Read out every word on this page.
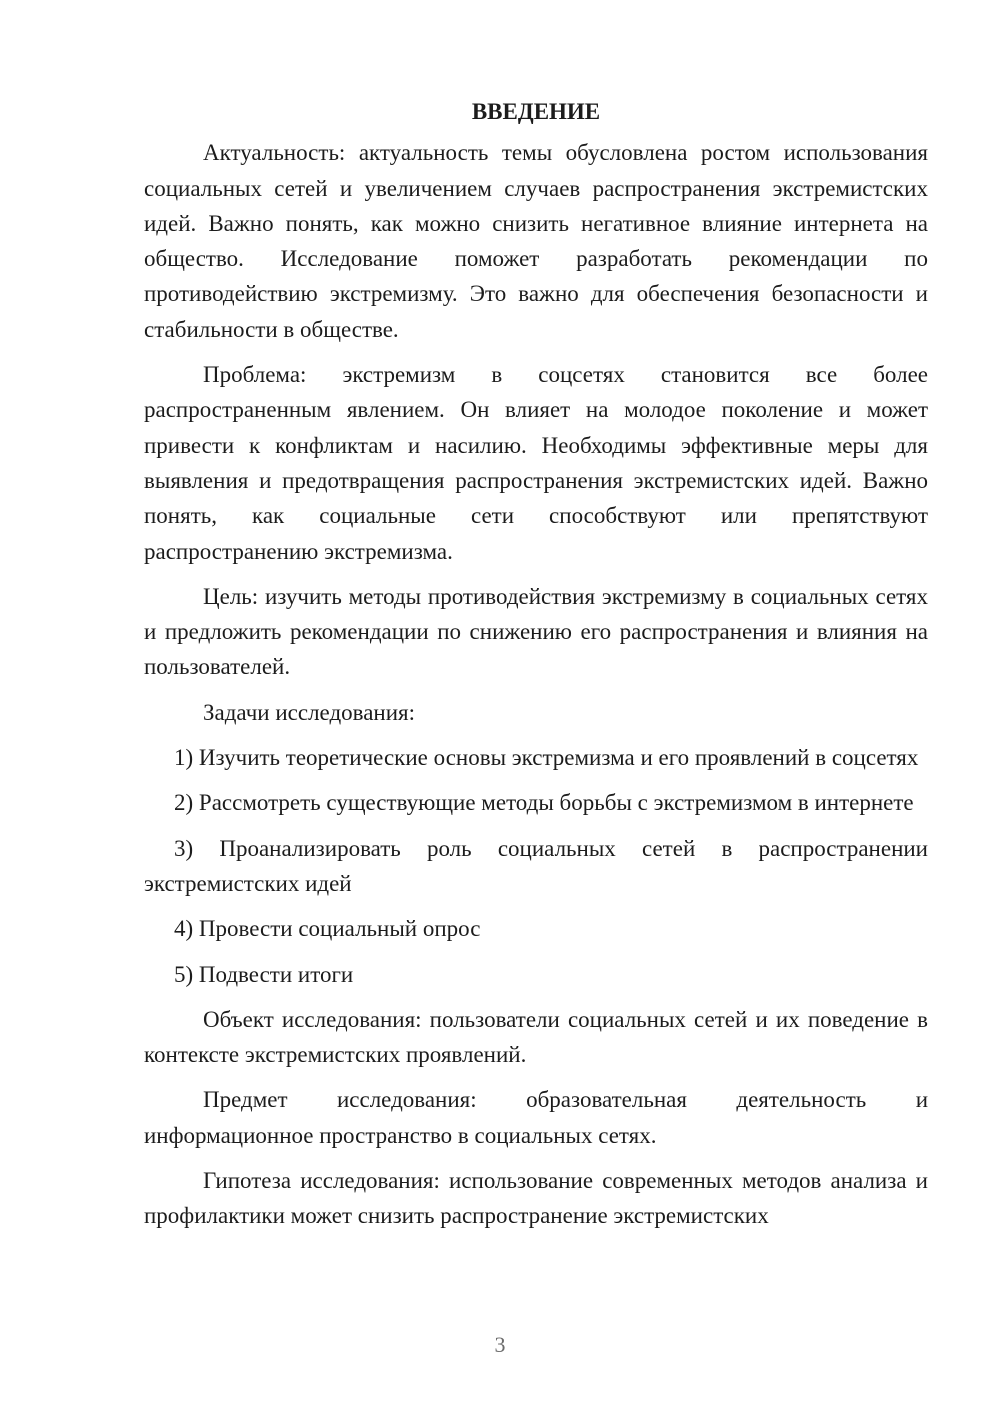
ВВЕДЕНИЕ

Актуальность: актуальность темы обусловлена ростом использования социальных сетей и увеличением случаев распространения экстремистских идей. Важно понять, как можно снизить негативное влияние интернета на общество. Исследование поможет разработать рекомендации по противодействию экстремизму. Это важно для обеспечения безопасности и стабильности в обществе.

Проблема: экстремизм в соцсетях становится все более распространенным явлением. Он влияет на молодое поколение и может привести к конфликтам и насилию. Необходимы эффективные меры для выявления и предотвращения распространения экстремистских идей. Важно понять, как социальные сети способствуют или препятствуют распространению экстремизма.

Цель: изучить методы противодействия экстремизму в социальных сетях и предложить рекомендации по снижению его распространения и влияния на пользователей.

Задачи исследования:

1) Изучить теоретические основы экстремизма и его проявлений в соцсетях

2) Рассмотреть существующие методы борьбы с экстремизмом в интернете

3) Проанализировать роль социальных сетей в распространении экстремистских идей

4) Провести социальный опрос

5) Подвести итоги

Объект исследования: пользователи социальных сетей и их поведение в контексте экстремистских проявлений.

Предмет исследования: образовательная деятельность и информационное пространство в социальных сетях.

Гипотеза исследования: использование современных методов анализа и профилактики может снизить распространение экстремистских

3
